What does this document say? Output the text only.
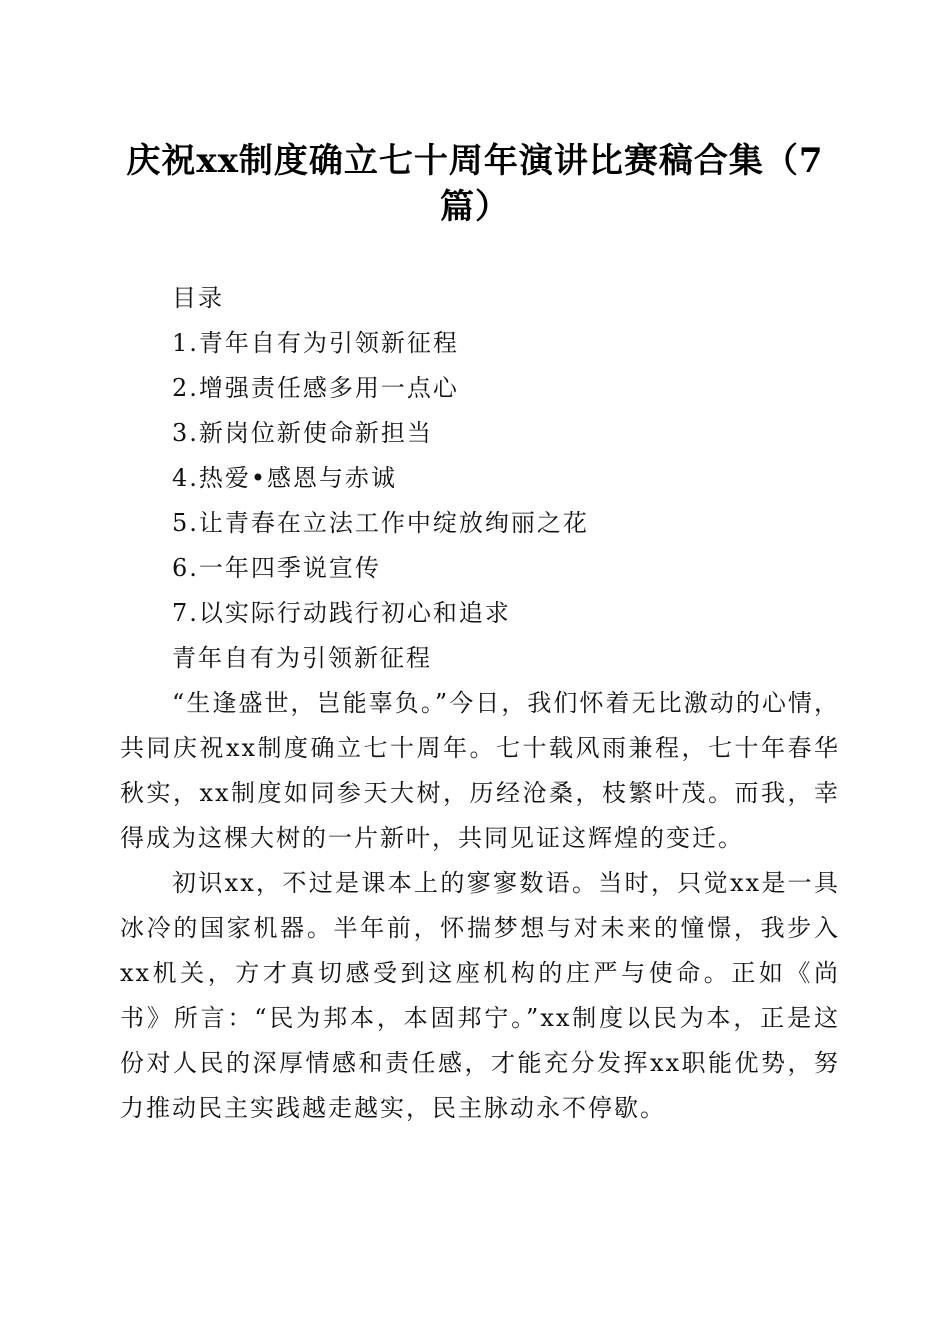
庆祝xx制度确立七十周年演讲比赛稿合集（7篇）

目录

1.青年自有为引领新征程

2.增强责任感多用一点心

3.新岗位新使命新担当

4.热爱•感恩与赤诚

5.让青春在立法工作中绽放绚丽之花

6.一年四季说宣传

7.以实际行动践行初心和追求

青年自有为引领新征程

“生逢盛世，岂能辜负。”今日，我们怀着无比激动的心情，共同庆祝xx制度确立七十周年。七十载风雨兼程，七十年春华秋实，xx制度如同参天大树，历经沧桑，枝繁叶茂。而我，幸得成为这棵大树的一片新叶，共同见证这辉煌的变迁。

初识xx，不过是课本上的寥寥数语。当时，只觉xx是一具冰冷的国家机器。半年前，怀揣梦想与对未来的憧憬，我步入xx机关，方才真切感受到这座机构的庄严与使命。正如《尚书》所言：“民为邦本，本固邦宁。”xx制度以民为本，正是这份对人民的深厚情感和责任感，才能充分发挥xx职能优势，努力推动民主实践越走越实，民主脉动永不停歇。
